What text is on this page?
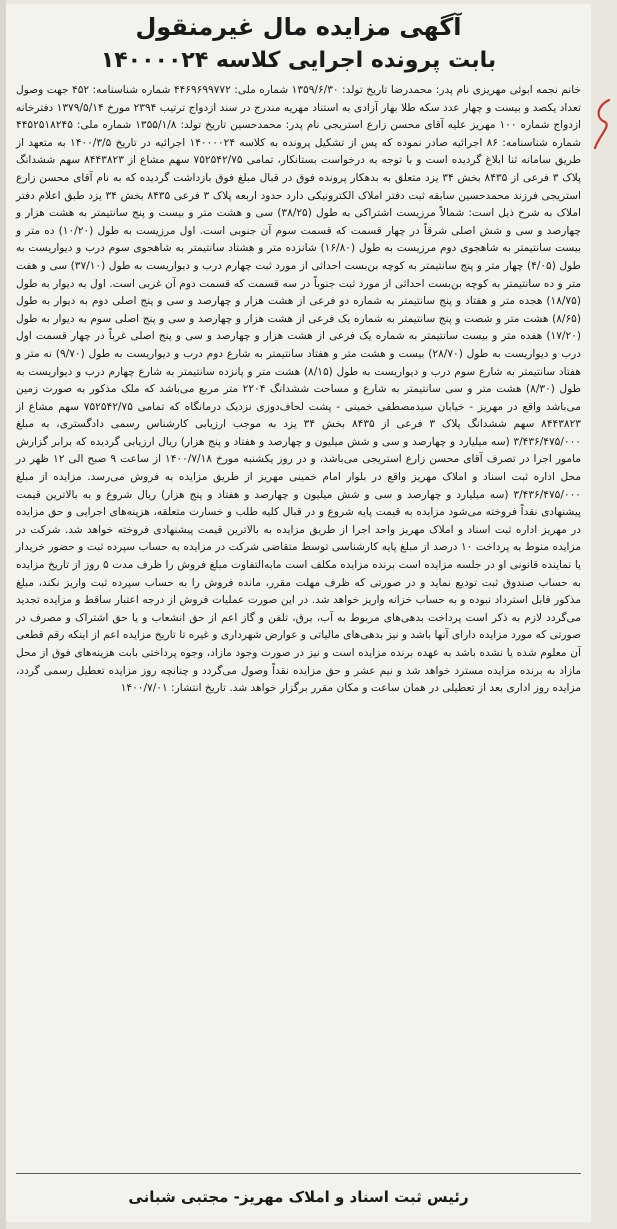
آگهی مزایده مال غیرمنقول
بابت پرونده اجرایی کلاسه ۱۴۰۰۰۰۲۴

خانم نجمه ابوئی مهریزی نام پدر: محمدرضا تاریخ تولد: ۱۳۵۹/۶/۳۰ شماره ملی: ۴۴۶۹۶۹۹۷۷۲ شماره شناسنامه: ۴۵۲ جهت وصول تعداد یکصد و بیست و چهار عدد سکه طلا بهار آزادی به استناد مهریه مندرج در سند ازدواج ترتیب ۲۳۹۴ مورخ ۱۳۷۹/۵/۱۴ دفترخانه ازدواج شماره ۱۰۰ مهریز علیه آقای محسن زارع استریجی نام پدر: محمدحسین تاریخ تولد: ۱۳۵۵/۱/۸ شماره ملی: ۴۴۵۲۵۱۸۲۴۵ شماره شناسنامه: ۸۶ اجرائیه صادر نموده که پس از تشکیل پرونده به کلاسه ۱۴۰۰۰۰۲۴ اجرائیه در تاریخ ۱۴۰۰/۳/۵ به متعهد از طریق سامانه ثنا ابلاغ گردیده است و با توجه به درخواست بستانکار، تمامی ۷۵۲۵۴۲/۷۵ سهم مشاع از ۸۴۴۳۸۲۳ سهم ششدانگ پلاک ۳ فرعی از ۸۴۳۵ بخش ۳۴ یزد متعلق به بدهکار پرونده فوق در قبال مبلغ فوق بازداشت گردیده که به نام آقای محسن زارع استریجی فرزند محمدحسین سابقه ثبت دفتر املاک الکترونیکی دارد حدود اربعه پلاک ۳ فرعی ۸۴۳۵ بخش ۳۴ یزد طبق اعلام دفتر املاک به شرح ذیل است: شمالاً مرزیست اشتراکی به طول (۳۸/۲۵) سی و هشت متر و بیست و پنج سانتیمتر به هشت هزار و چهارصد و سی و شش اصلی شرقاً در چهار قسمت که قسمت سوم آن جنوبی است. اول مرزیست به طول (۱۰/۲۰) ده متر و بیست سانتیمتر به شاهجوی دوم مرزیست به طول (۱۶/۸۰) شانزده متر و هشتاد سانتیمتر به شاهجوی سوم درب و دیواریست به طول (۴/۰۵) چهار متر و پنج سانتیمتر به کوچه بن‌بست احداثی از مورد ثبت چهارم درب و دیواریست به طول (۳۷/۱۰) سی و هفت متر و ده سانتیمتر به کوچه بن‌بست احداثی از مورد ثبت جنوباً در سه قسمت که قسمت دوم آن غربی است. اول به دیوار به طول (۱۸/۷۵) هجده متر و هفتاد و پنج سانتیمتر به شماره دو فرعی از هشت هزار و چهارصد و سی و پنج اصلی دوم به دیوار به طول (۸/۶۵) هشت متر و شصت و پنج سانتیمتر به شماره یک فرعی از هشت هزار و چهارصد و سی و پنج اصلی سوم به دیوار به طول (۱۷/۲۰) هفده متر و بیست سانتیمتر به شماره یک فرعی از هشت هزار و چهارصد و سی و پنج اصلی غرباً در چهار قسمت اول درب و دیواریست به طول (۲۸/۷۰) بیست و هشت متر و هفتاد سانتیمتر به شارع دوم درب و دیواریست به طول (۹/۷۰) نه متر و هفتاد سانتیمتر به شارع سوم درب و دیواریست به طول (۸/۱۵) هشت متر و پانزده سانتیمتر به شارع چهارم درب و دیواریست به طول (۸/۳۰) هشت متر و سی سانتیمتر به شارع و مساحت ششدانگ ۲۲۰۴ متر مربع می‌باشد که ملک مذکور به صورت زمین می‌باشد واقع در مهریز - خیابان سیدمصطفی خمینی - پشت لحاف‌دوزی نزدیک درمانگاه که تمامی ۷۵۲۵۴۲/۷۵ سهم مشاع از ۸۴۴۳۸۲۳ سهم ششدانگ پلاک ۳ فرعی از ۸۴۳۵ بخش ۳۴ یزد به موجب ارزیابی کارشناس رسمی دادگستری، به مبلغ ۳/۴۳۶/۴۷۵/۰۰۰ (سه میلیارد و چهارصد و سی و شش میلیون و چهارصد و هفتاد و پنج هزار) ریال ارزیابی گردیده که برابر گزارش مامور اجرا در تصرف آقای محسن زارع استریجی می‌باشد، و در روز یکشنبه مورخ ۱۴۰۰/۷/۱۸ از ساعت ۹ صبح الی ۱۲ ظهر در محل اداره ثبت اسناد و املاک مهریز واقع در بلوار امام خمینی مهریز از طریق مزایده به فروش می‌رسد. مزایده از مبلغ ۳/۴۳۶/۴۷۵/۰۰۰ (سه میلیارد و چهارصد و سی و شش میلیون و چهارصد و هفتاد و پنج هزار) ریال شروع و به بالاترین قیمت پیشنهادی نقداً فروخته می‌شود مزایده به قیمت پایه شروع و در قبال کلیه طلب و خسارت متعلقه، هزینه‌های اجرایی و حق مزایده در مهریز اداره ثبت اسناد و املاک مهریز واحد اجرا از طریق مزایده به بالاترین قیمت پیشنهادی فروخته خواهد شد. شرکت در مزایده منوط به پرداخت ۱۰ درصد از مبلغ پایه کارشناسی توسط متقاضی شرکت در مزایده به حساب سپرده ثبت و حضور خریدار یا نماینده قانونی او در جلسه مزایده است برنده مزایده مکلف است مابه‌التفاوت مبلغ فروش را ظرف مدت ۵ روز از تاریخ مزایده به حساب صندوق ثبت تودیع نماید و در صورتی که ظرف مهلت مقرر، مانده فروش را به حساب سپرده ثبت واریز نکند، مبلغ مذکور قابل استرداد نبوده و به حساب خزانه واریز خواهد شد. در این صورت عملیات فروش از درجه اعتبار ساقط و مزایده تجدید می‌گردد لازم به ذکر است پرداخت بدهی‌های مربوط به آب، برق، تلفن و گاز اعم از حق انشعاب و یا حق اشتراک و مصرف در صورتی که مورد مزایده دارای آنها باشد و نیز بدهی‌های مالیاتی و عوارض شهرداری و غیره تا تاریخ مزایده اعم از اینکه رقم قطعی آن معلوم شده یا نشده باشد به عهده برنده مزایده است و نیز در صورت وجود مازاد، وجوه پرداختی بابت هزینه‌های فوق از محل مازاد به برنده مزایده مسترد خواهد شد و نیم عشر و حق مزایده نقداً وصول می‌گردد و چنانچه روز مزایده تعطیل رسمی گردد، مزایده روز اداری بعد از تعطیلی در همان ساعت و مکان مقرر برگزار خواهد شد. تاریخ انتشار: ۱۴۰۰/۷/۰۱

رئیس ثبت اسناد و املاک مهریز- مجتبی شبانی
